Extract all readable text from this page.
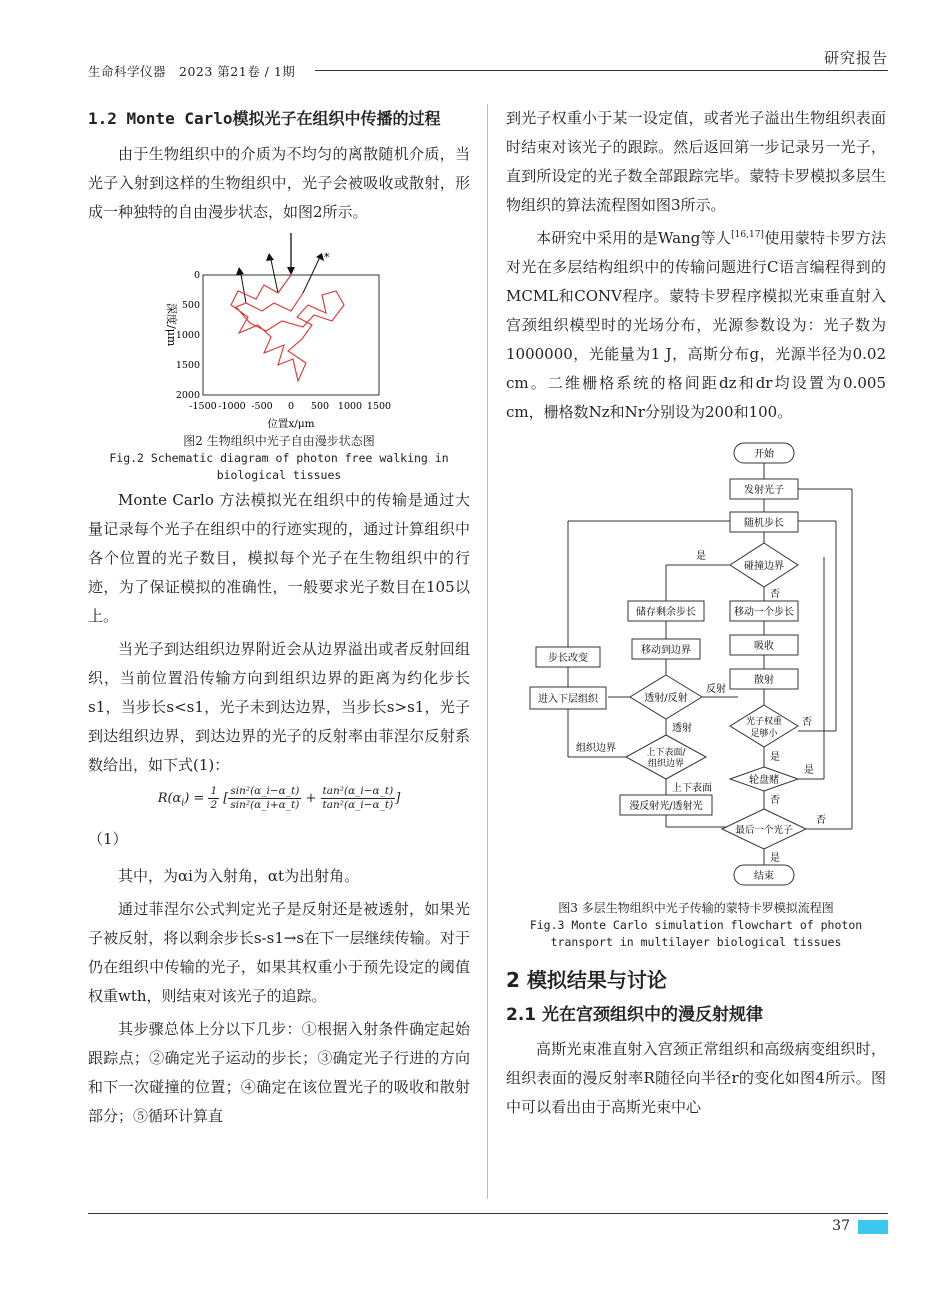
生命科学仪器　2023 第21卷 / 1期
研究报告
1.2 Monte Carlo模拟光子在组织中传播的过程

由于生物组织中的介质为不均匀的离散随机介质，当光子入射到这样的生物组织中，光子会被吸收或散射，形成一种独特的自由漫步状态，如图2所示。

深度/μm
0
500
1000
1500
2000
-1500 -1000 -500 0 500 1000 1500
位置x/μm
*
图2 生物组织中光子自由漫步状态图
Fig.2 Schematic diagram of photon free walking in
biological tissues

Monte Carlo 方法模拟光在组织中的传输是通过大量记录每个光子在组织中的行迹实现的，通过计算组织中各个位置的光子数目，模拟每个光子在生物组织中的行迹，为了保证模拟的准确性，一般要求光子数目在105以上。

当光子到达组织边界附近会从边界溢出或者反射回组织，当前位置沿传输方向到组织边界的距离为约化步长s1，当步长s<s1，光子未到达边界，当步长s>s1，光子到达组织边界，到达边界的光子的反射率由菲涅尔反射系数给出，如下式(1)：

$R(\alpha_i) = \frac{1}{2}$ [ $\frac{\text{sin²(α\_i−α\_t)}}{\text{sin²(α\_i+α\_t)}} + \frac{\text{tan²(α\_i−α\_t)}}{\text{tan²(α\_i−α\_t)}}$ ]

（1）

其中，为αi为入射角，αt为出射角。

通过菲涅尔公式判定光子是反射还是被透射，如果光子被反射，将以剩余步长s-s1→s在下一层继续传输。对于仍在组织中传输的光子，如果其权重小于预先设定的阈值权重wth，则结束对该光子的追踪。

其步骤总体上分以下几步：①根据入射条件确定起始跟踪点；②确定光子运动的步长；③确定光子行进的方向和下一次碰撞的位置；④确定在该位置光子的吸收和散射部分；⑤循环计算直

到光子权重小于某一设定值，或者光子溢出生物组织表面时结束对该光子的跟踪。然后返回第一步记录另一光子，直到所设定的光子数全部跟踪完毕。蒙特卡罗模拟多层生物组织的算法流程图如图3所示。

本研究中采用的是Wang等人[16,17]使用蒙特卡罗方法对光在多层结构组织中的传输问题进行C语言编程得到的MCML和CONV程序。蒙特卡罗程序模拟光束垂直射入宫颈组织模型时的光场分布，光源参数设为：光子数为1000000，光能量为1 J，高斯分布g，光源半径为0.02 cm。二维栅格系统的格间距dz和dr均设置为0.005 cm，栅格数Nz和Nr分别设为200和100。

开始
发射光子
随机步长
碰撞边界
是
否
储存剩余步长	移动一个步长
吸收
移动到边界
散射
步长改变
进入下层组织	透射/反射
反射
透射
光子权重
足够小
否
是
组织边界	上下表面/
组织边界
上下表面
轮盘赌
是
否
漫反射光/透射光
最后一个光子
否
是
结束
图3 多层生物组织中光子传输的蒙特卡罗模拟流程图
Fig.3 Monte Carlo simulation flowchart of photon
transport in multilayer biological tissues
2 模拟结果与讨论
2.1 光在宫颈组织中的漫反射规律

高斯光束准直射入宫颈正常组织和高级病变组织时，组织表面的漫反射率R随径向半径r的变化如图4所示。图中可以看出由于高斯光束中心

37
